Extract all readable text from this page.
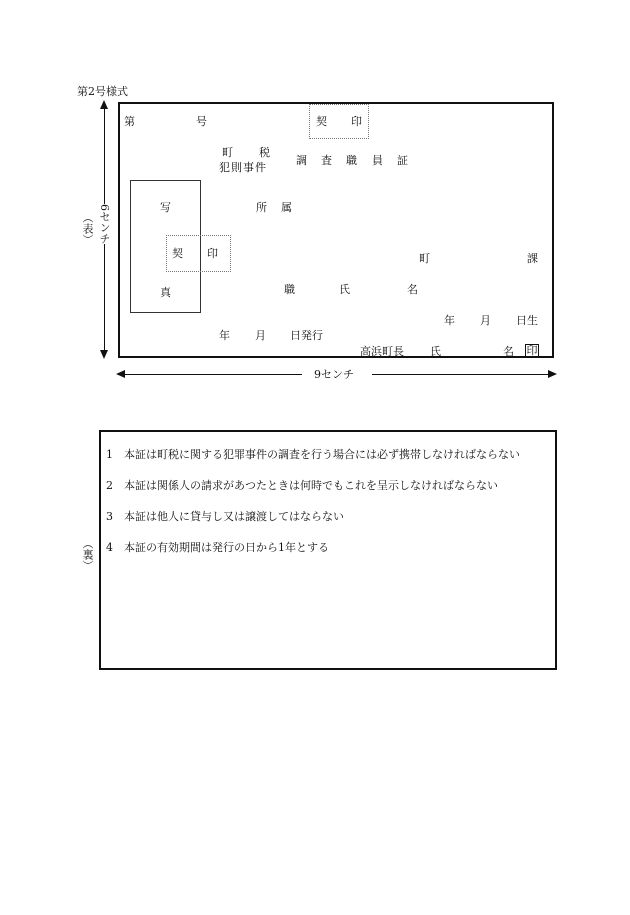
第2号様式
6センチ
（表）
第	号	契 印
町 税
犯則事件
調 査 職 員 証
写
契 印
真
所 属
町	課
職	氏	名
年 月 日生
年 月 日発行
高浜町長 氏	名 印
9センチ
（裏）
1 本証は町税に関する犯罪事件の調査を行う場合には必ず携帯しなければならない
2 本証は関係人の請求があつたときは何時でもこれを呈示しなければならない
3 本証は他人に貸与し又は譲渡してはならない
4 本証の有効期間は発行の日から1年とする
